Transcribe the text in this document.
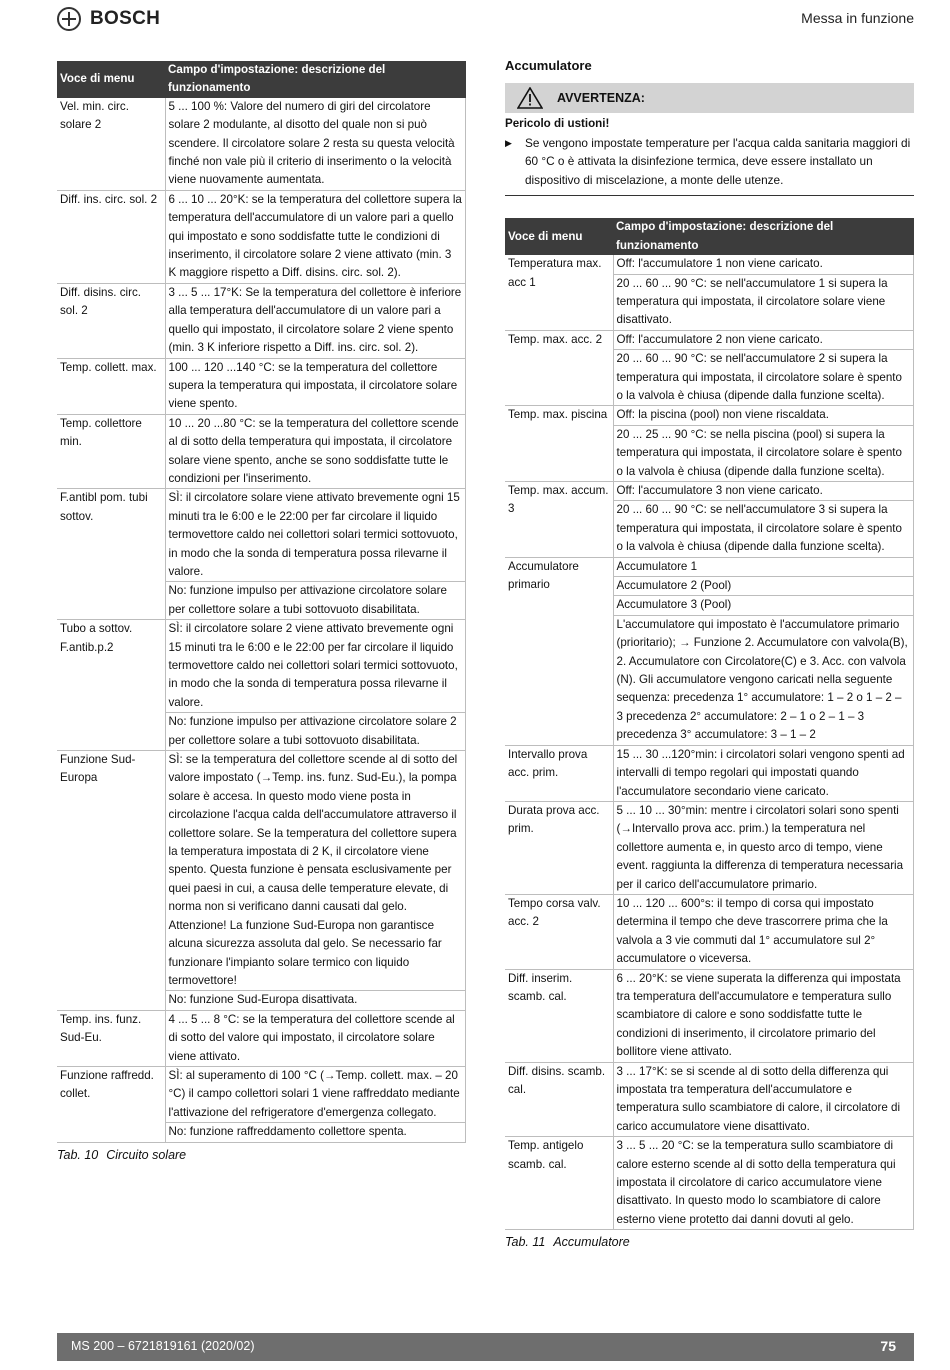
BOSCH	Messa in funzione
Voce di menu	Campo d'impostazione: descrizione del funzionamento
Vel. min. circ. solare 2	5 ... 100 %: Valore del numero di giri del circolatore solare 2 modulante, al disotto del quale non si può scendere. Il circolatore solare 2 resta su questa velocità finché non vale più il criterio di inserimento o la velocità viene nuovamente aumentata.
Diff. ins. circ. sol. 2	6 ... 10 ... 20°K: se la temperatura del collettore supera la temperatura dell'accumulatore di un valore pari a quello qui impostato e sono soddisfatte tutte le condizioni di inserimento, il circolatore solare 2 viene attivato (min. 3 K maggiore rispetto a Diff. disins. circ. sol. 2).
Diff. disins. circ. sol. 2	3 ... 5 ... 17°K: Se la temperatura del collettore è inferiore alla temperatura dell'accumulatore di un valore pari a quello qui impostato, il circolatore solare 2 viene spento (min. 3 K inferiore rispetto a Diff. ins. circ. sol. 2).
Temp. collett. max.	100 ... 120 ...140 °C: se la temperatura del collettore supera la temperatura qui impostata, il circolatore solare viene spento.
Temp. collettore min.	10 ... 20 ...80 °C: se la temperatura del collettore scende al di sotto della temperatura qui impostata, il circolatore solare viene spento, anche se sono soddisfatte tutte le condizioni per l'inserimento.
F.antibl pom. tubi sottov.	SÌ: il circolatore solare viene attivato brevemente ogni 15 minuti tra le 6:00 e le 22:00 per far circolare il liquido termovettore caldo nei collettori solari termici sottovuoto, in modo che la sonda di temperatura possa rilevarne il valore.
	No: funzione impulso per attivazione circolatore solare per collettore solare a tubi sottovuoto disabilitata.
Tubo a sottov. F.antib.p.2	SÌ: il circolatore solare 2 viene attivato brevemente ogni 15 minuti tra le 6:00 e le 22:00 per far circolare il liquido termovettore caldo nei collettori solari termici sottovuoto, in modo che la sonda di temperatura possa rilevarne il valore.
	No: funzione impulso per attivazione circolatore solare 2 per collettore solare a tubi sottovuoto disabilitata.
Funzione Sud-Europa	SÌ: se la temperatura del collettore scende al di sotto del valore impostato (→Temp. ins. funz. Sud-Eu.), la pompa solare è accesa. In questo modo viene posta in circolazione l'acqua calda dell'accumulatore attraverso il collettore solare. Se la temperatura del collettore supera la temperatura impostata di 2 K, il circolatore viene spento. Questa funzione è pensata esclusivamente per quei paesi in cui, a causa delle temperature elevate, di norma non si verificano danni causati dal gelo. Attenzione! La funzione Sud-Europa non garantisce alcuna sicurezza assoluta dal gelo. Se necessario far funzionare l'impianto solare termico con liquido termovettore!
	No: funzione Sud-Europa disattivata.
Temp. ins. funz. Sud-Eu.	4 ... 5 ... 8 °C: se la temperatura del collettore scende al di sotto del valore qui impostato, il circolatore solare viene attivato.
Funzione raffredd. collet.	SÌ: al superamento di 100 °C (→Temp. collett. max. – 20 °C) il campo collettori solari 1 viene raffreddato mediante l'attivazione del refrigeratore d'emergenza collegato.
	No: funzione raffreddamento collettore spenta.
Tab. 10 Circuito solare
Accumulatore
AVVERTENZA:
Pericolo di ustioni!
▶ Se vengono impostate temperature per l'acqua calda sanitaria maggiori di 60 °C o è attivata la disinfezione termica, deve essere installato un dispositivo di miscelazione, a monte delle utenze.
Voce di menu	Campo d'impostazione: descrizione del funzionamento
Temperatura max. acc 1	Off: l'accumulatore 1 non viene caricato.
	20 ... 60 ... 90 °C: se nell'accumulatore 1 si supera la temperatura qui impostata, il circolatore solare viene disattivato.
Temp. max. acc. 2	Off: l'accumulatore 2 non viene caricato.
	20 ... 60 ... 90 °C: se nell'accumulatore 2 si supera la temperatura qui impostata, il circolatore solare è spento o la valvola è chiusa (dipende dalla funzione scelta).
Temp. max. piscina	Off: la piscina (pool) non viene riscaldata.
	20 ... 25 ... 90 °C: se nella piscina (pool) si supera la temperatura qui impostata, il circolatore solare è spento o la valvola è chiusa (dipende dalla funzione scelta).
Temp. max. accum. 3	Off: l'accumulatore 3 non viene caricato.
	20 ... 60 ... 90 °C: se nell'accumulatore 3 si supera la temperatura qui impostata, il circolatore solare è spento o la valvola è chiusa (dipende dalla funzione scelta).
Accumulatore primario	Accumulatore 1
	Accumulatore 2 (Pool)
	Accumulatore 3 (Pool)
	L'accumulatore qui impostato è l'accumulatore primario (prioritario); → Funzione 2. Accumulatore con valvola(B), 2. Accumulatore con Circolatore(C) e 3. Acc. con valvola (N). Gli accumulatore vengono caricati nella seguente sequenza: precedenza 1° accumulatore: 1 – 2 o 1 – 2 – 3 precedenza 2° accumulatore: 2 – 1 o 2 – 1 – 3 precedenza 3° accumulatore: 3 – 1 – 2
Intervallo prova acc. prim.	15 ... 30 ...120°min: i circolatori solari vengono spenti ad intervalli di tempo regolari qui impostati quando l'accumulatore secondario viene caricato.
Durata prova acc. prim.	5 ... 10 ... 30°min: mentre i circolatori solari sono spenti (→Intervallo prova acc. prim.) la temperatura nel collettore aumenta e, in questo arco di tempo, viene event. raggiunta la differenza di temperatura necessaria per il carico dell'accumulatore primario.
Tempo corsa valv. acc. 2	10 ... 120 ... 600°s: il tempo di corsa qui impostato determina il tempo che deve trascorrere prima che la valvola a 3 vie commuti dal 1° accumulatore sul 2° accumulatore o viceversa.
Diff. inserim. scamb. cal.	6 ... 20°K: se viene superata la differenza qui impostata tra temperatura dell'accumulatore e temperatura sullo scambiatore di calore e sono soddisfatte tutte le condizioni di inserimento, il circolatore primario del bollitore viene attivato.
Diff. disins. scamb. cal.	3 ... 17°K: se si scende al di sotto della differenza qui impostata tra temperatura dell'accumulatore e temperatura sullo scambiatore di calore, il circolatore di carico accumulatore viene disattivato.
Temp. antigelo scamb. cal.	3 ... 5 ... 20 °C: se la temperatura sullo scambiatore di calore esterno scende al di sotto della temperatura qui impostata il circolatore di carico accumulatore viene disattivato. In questo modo lo scambiatore di calore esterno viene protetto dai danni dovuti al gelo.
Tab. 11 Accumulatore
MS 200 – 6721819161 (2020/02)	75
